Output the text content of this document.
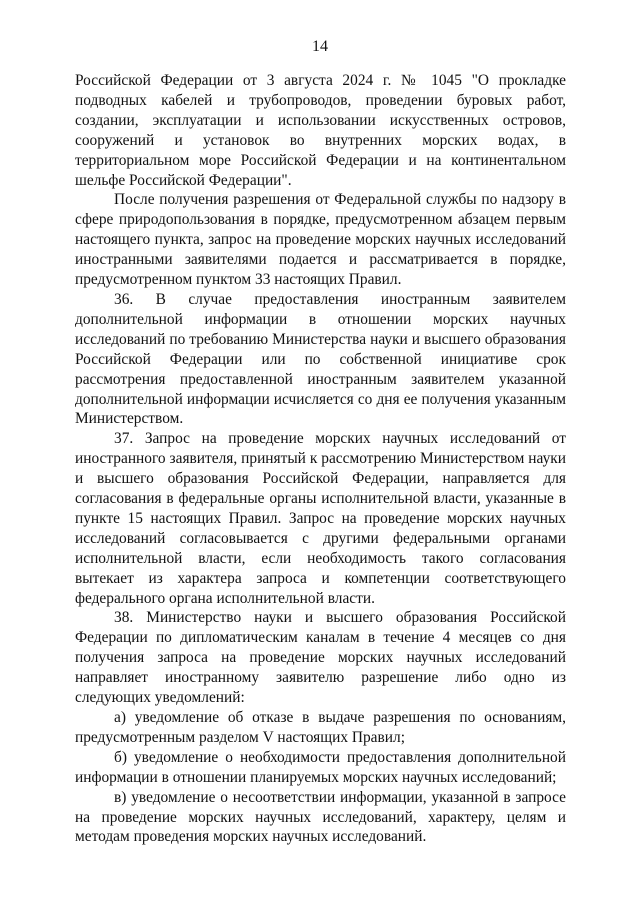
14

Российской Федерации от 3 августа 2024 г. № 1045 "О прокладке подводных кабелей и трубопроводов, проведении буровых работ, создании, эксплуатации и использовании искусственных островов, сооружений и установок во внутренних морских водах, в территориальном море Российской Федерации и на континентальном шельфе Российской Федерации".

После получения разрешения от Федеральной службы по надзору в сфере природопользования в порядке, предусмотренном абзацем первым настоящего пункта, запрос на проведение морских научных исследований иностранными заявителями подается и рассматривается в порядке, предусмотренном пунктом 33 настоящих Правил.

36. В случае предоставления иностранным заявителем дополнительной информации в отношении морских научных исследований по требованию Министерства науки и высшего образования Российской Федерации или по собственной инициативе срок рассмотрения предоставленной иностранным заявителем указанной дополнительной информации исчисляется со дня ее получения указанным Министерством.

37. Запрос на проведение морских научных исследований от иностранного заявителя, принятый к рассмотрению Министерством науки и высшего образования Российской Федерации, направляется для согласования в федеральные органы исполнительной власти, указанные в пункте 15 настоящих Правил. Запрос на проведение морских научных исследований согласовывается с другими федеральными органами исполнительной власти, если необходимость такого согласования вытекает из характера запроса и компетенции соответствующего федерального органа исполнительной власти.

38. Министерство науки и высшего образования Российской Федерации по дипломатическим каналам в течение 4 месяцев со дня получения запроса на проведение морских научных исследований направляет иностранному заявителю разрешение либо одно из следующих уведомлений:

а) уведомление об отказе в выдаче разрешения по основаниям, предусмотренным разделом V настоящих Правил;

б) уведомление о необходимости предоставления дополнительной информации в отношении планируемых морских научных исследований;

в) уведомление о несоответствии информации, указанной в запросе на проведение морских научных исследований, характеру, целям и методам проведения морских научных исследований.
